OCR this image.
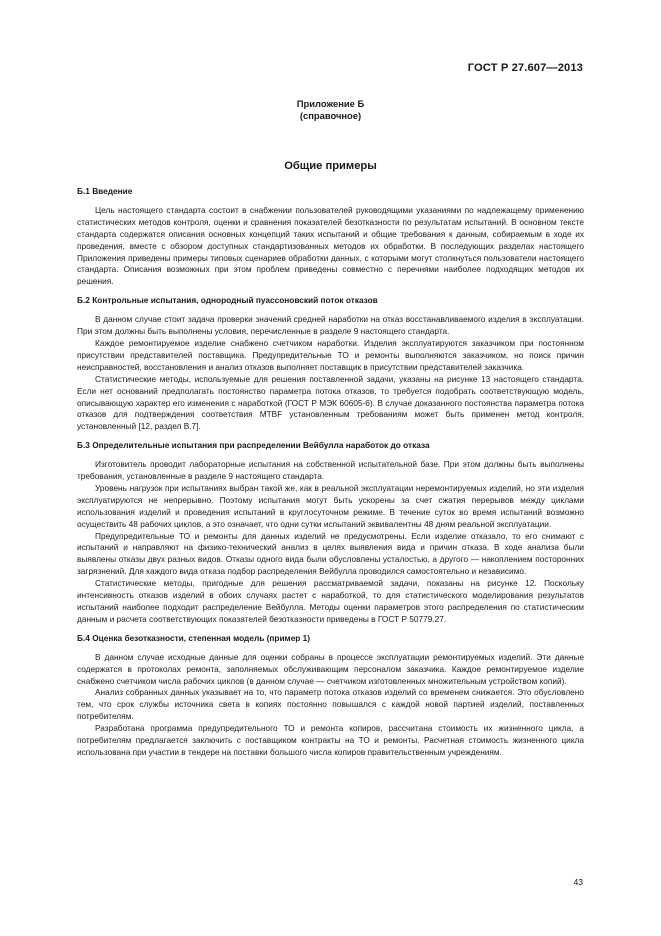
ГОСТ Р 27.607—2013
Приложение Б
(справочное)
Общие примеры

Б.1 Введение

Цель настоящего стандарта состоит в снабжении пользователей руководящими указаниями по надлежащему применению статистических методов контроля, оценки и сравнения показателей безотказности по результатам испытаний. В основном тексте стандарта содержатся описания основных концепций таких испытаний и общие требования к данным, собираемым в ходе их проведения, вместе с обзором доступных стандартизованных методов их обработки. В последующих разделах настоящего Приложения приведены примеры типовых сценариев обработки данных, с которыми могут столкнуться пользователи настоящего стандарта. Описания возможных при этом проблем приведены совместно с перечнями наиболее подходящих методов их решения.

Б.2 Контрольные испытания, однородный пуассоновский поток отказов

В данном случае стоит задача проверки значений средней наработки на отказ восстанавливаемого изделия в эксплуатации. При этом должны быть выполнены условия, перечисленные в разделе 9 настоящего стандарта.

Каждое ремонтируемое изделие снабжено счетчиком наработки. Изделия эксплуатируются заказчиком при постоянном присутствии представителей поставщика. Предупредительные ТО и ремонты выполняются заказчиком, но поиск причин неисправностей, восстановления и анализ отказов выполняет поставщик в присутствии представителей заказчика.

Статистические методы, используемые для решения поставленной задачи, указаны на рисунке 13 настоящего стандарта. Если нет оснований предполагать постоянство параметра потока отказов, то требуется подобрать соответствующую модель, описывающую характер его изменения с наработкой (ГОСТ Р МЭК 60605-6). В случае доказанного постоянства параметра потока отказов для подтверждения соответствия MTBF установленным требованиям может быть применен метод контроля, установленный [12, раздел В.7].

Б.3 Определительные испытания при распределении Вейбулла наработок до отказа

Изготовитель проводит лабораторные испытания на собственной испытательной базе. При этом должны быть выполнены требования, установленные в разделе 9 настоящего стандарта.

Уровень нагрузок при испытаниях выбран такой же, как в реальной эксплуатации неремонтируемых изделий, но эти изделия эксплуатируются не непрерывно. Поэтому испытания могут быть ускорены за счет сжатия перерывов между циклами использования изделий и проведения испытаний в круглосуточном режиме. В течение суток во время испытаний возможно осуществить 48 рабочих циклов, а это означает, что одни сутки испытаний эквивалентны 48 дням реальной эксплуатации.

Предупредительные ТО и ремонты для данных изделий не предусмотрены. Если изделие отказало, то его снимают с испытаний и направляют на физико-технический анализ в целях выявления вида и причин отказа. В ходе анализа были выявлены отказы двух разных видов. Отказы одного вида были обусловлены усталостью, а другого — накоплением посторонних загрязнений. Для каждого вида отказа подбор распределения Вейбулла проводился самостоятельно и независимо.

Статистические методы, пригодные для решения рассматриваемой задачи, показаны на рисунке 12. Поскольку интенсивность отказов изделий в обоих случаях растет с наработкой, то для статистического моделирования результатов испытаний наиболее подходит распределение Вейбулла. Методы оценки параметров этого распределения по статистическим данным и расчета соответствующих показателей безотказности приведены в ГОСТ Р 50779.27.

Б.4 Оценка безотказности, степенная модель (пример 1)

В данном случае исходные данные для оценки собраны в процессе эксплуатации ремонтируемых изделий. Эти данные содержатся в протоколах ремонта, заполняемых обслуживающим персоналом заказчика. Каждое ремонтируемое изделие снабжено счетчиком числа рабочих циклов (в данном случае — счетчиком изготовленных множительным устройством копий).

Анализ собранных данных указывает на то, что параметр потока отказов изделий со временем снижается. Это обусловлено тем, что срок службы источника света в копиях постоянно повышался с каждой новой партией изделий, поставленных потребителям.

Разработана программа предупредительного ТО и ремонта копиров, рассчитана стоимость их жизненного цикла, а потребителям предлагается заключить с поставщиком контракты на ТО и ремонты. Расчетная стоимость жизненного цикла использована при участии в тендере на поставки большого числа копиров правительственным учреждениям.

43
